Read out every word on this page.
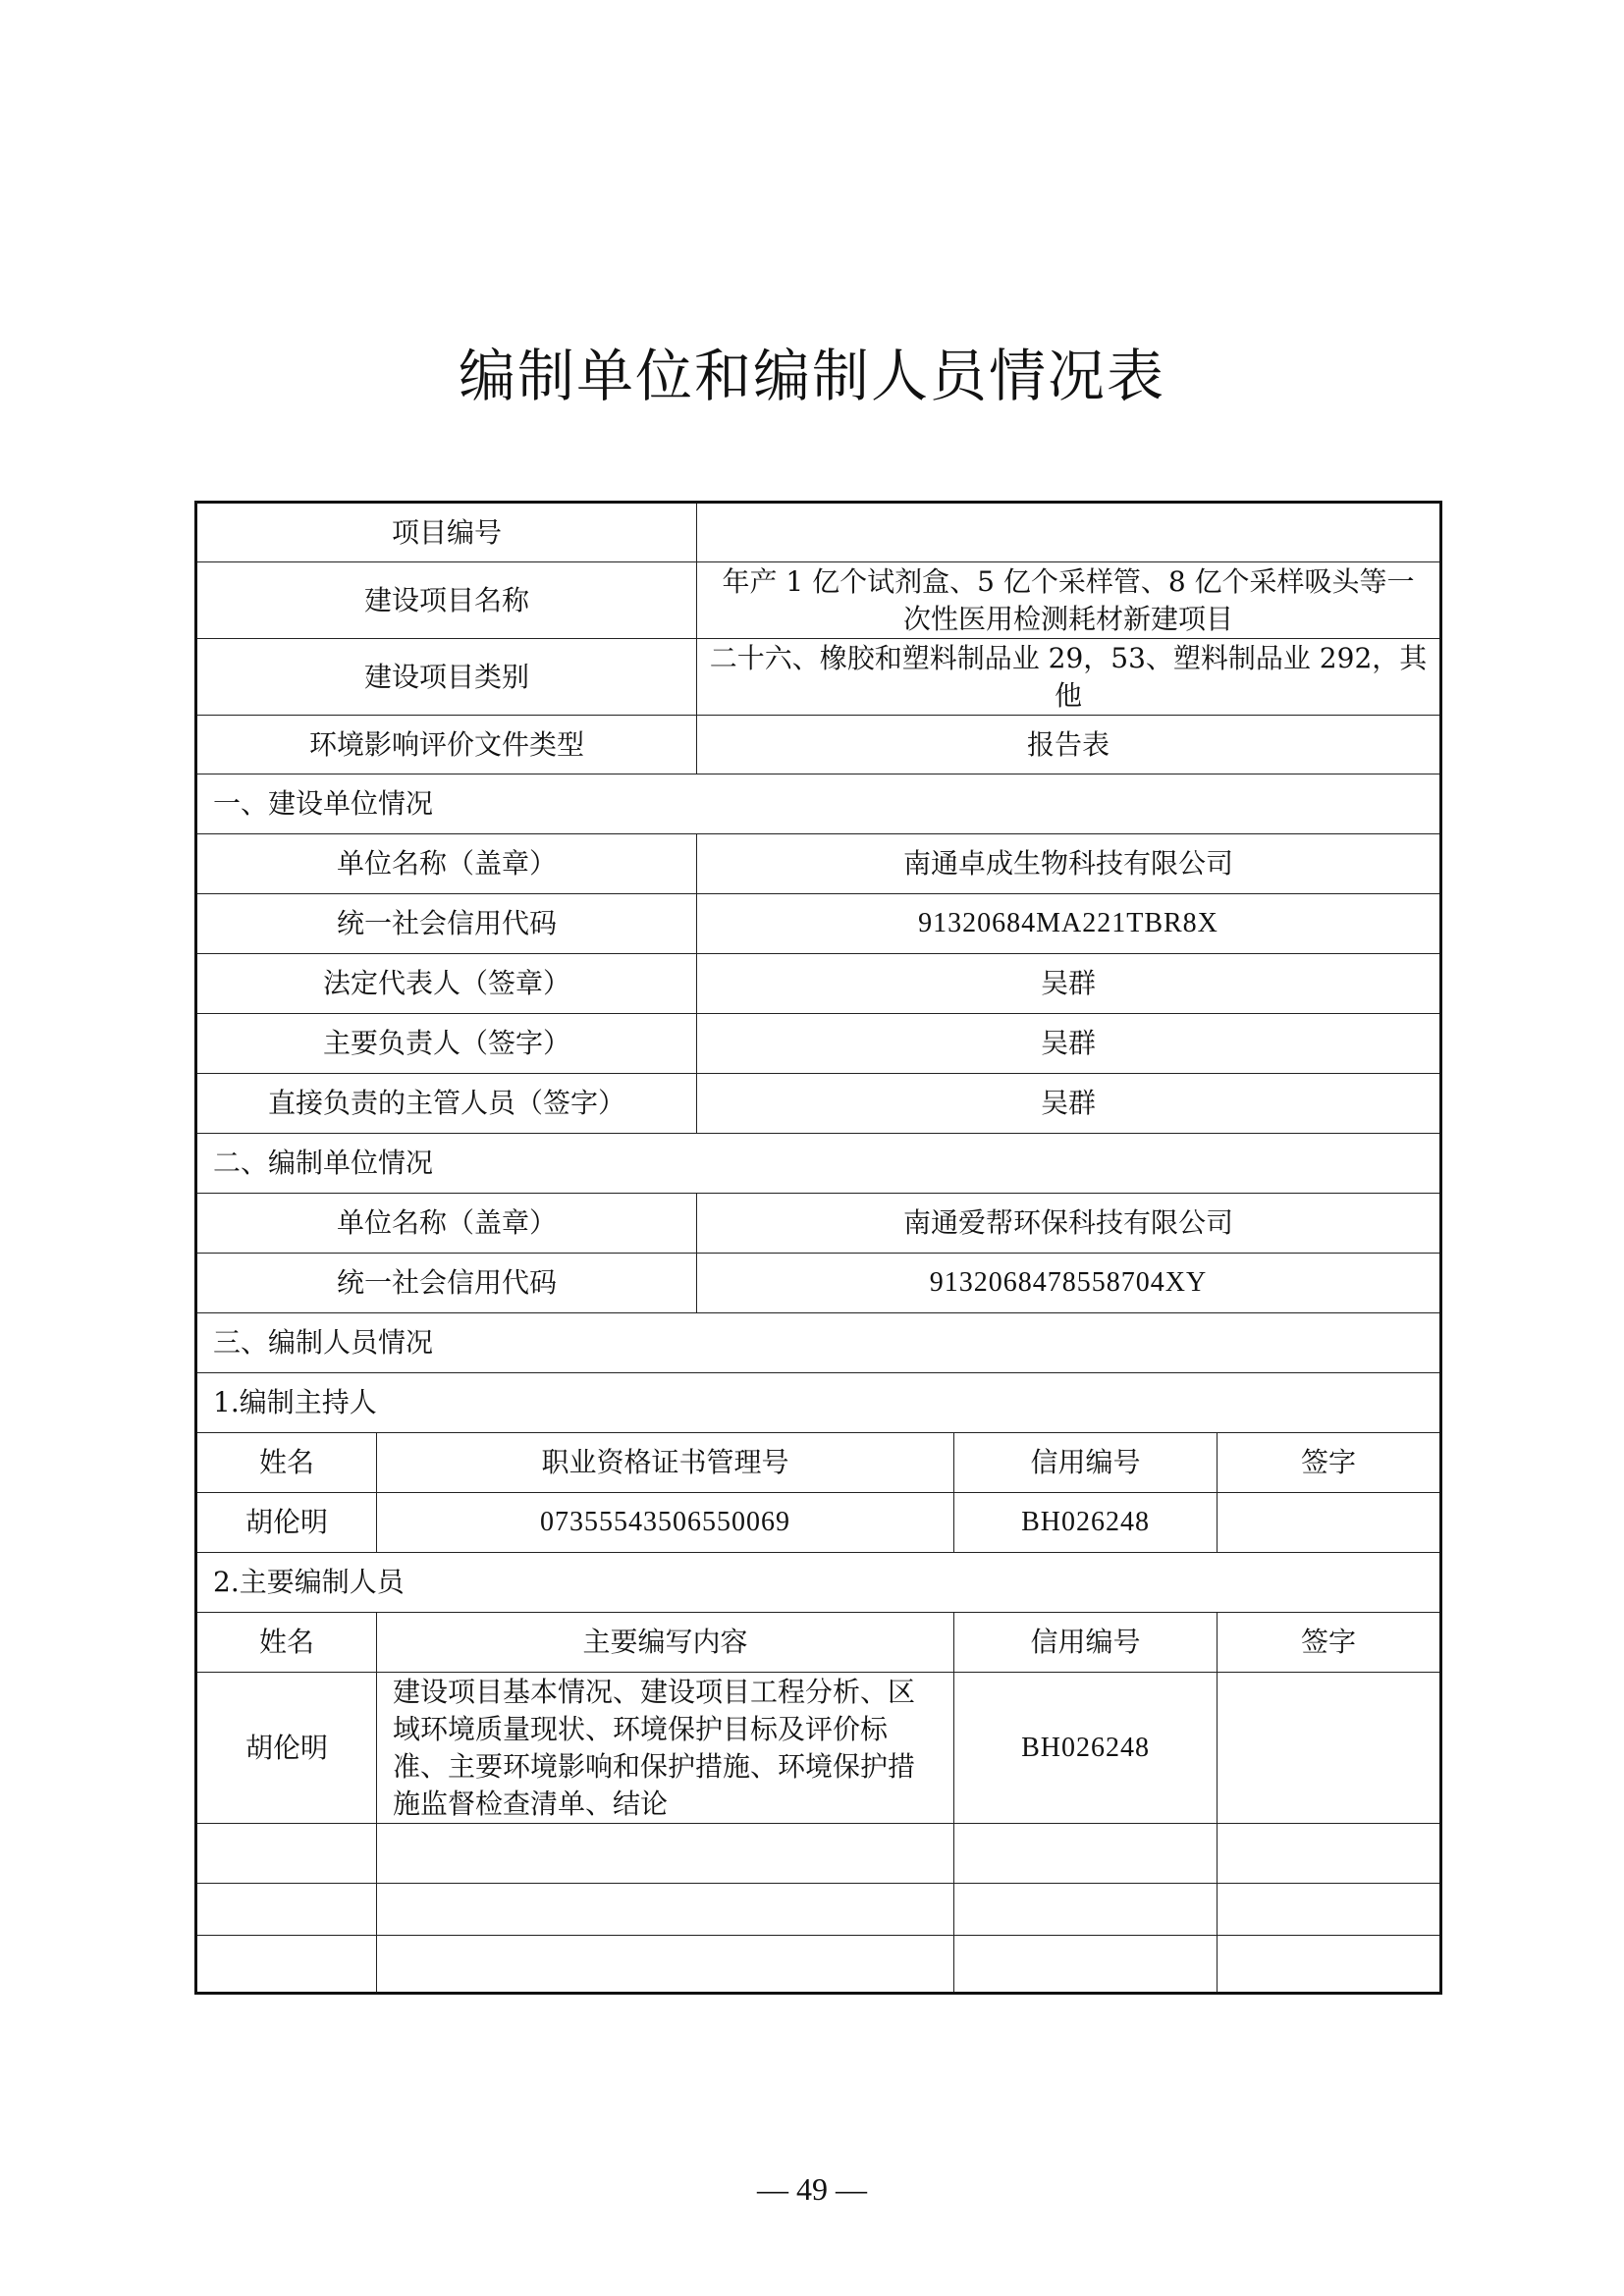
编制单位和编制人员情况表
项目编号				
建设项目名称		年产 1 亿个试剂盒、5 亿个采样管、8 亿个采样吸头等一次性医用检测耗材新建项目		
建设项目类别		二十六、橡胶和塑料制品业 29，53、塑料制品业 292，其他		
环境影响评价文件类型		报告表		
一、建设单位情况				
单位名称（盖章）		南通卓成生物科技有限公司		
统一社会信用代码		91320684MA221TBR8X		
法定代表人（签章）		吴群		
主要负责人（签字）		吴群		
直接负责的主管人员（签字）		吴群		
二、编制单位情况				
单位名称（盖章）		南通爱帮环保科技有限公司		
统一社会信用代码		9132068478558704XY		
三、编制人员情况				
1.编制主持人				
姓名	职业资格证书管理号		信用编号	签字
胡伦明	07355543506550069		BH026248	
2.主要编制人员				
姓名	主要编写内容		信用编号	签字
胡伦明	建设项目基本情况、建设项目工程分析、区域环境质量现状、环境保护目标及评价标准、主要环境影响和保护措施、环境保护措施监督检查清单、结论		BH026248	

— 49 —
